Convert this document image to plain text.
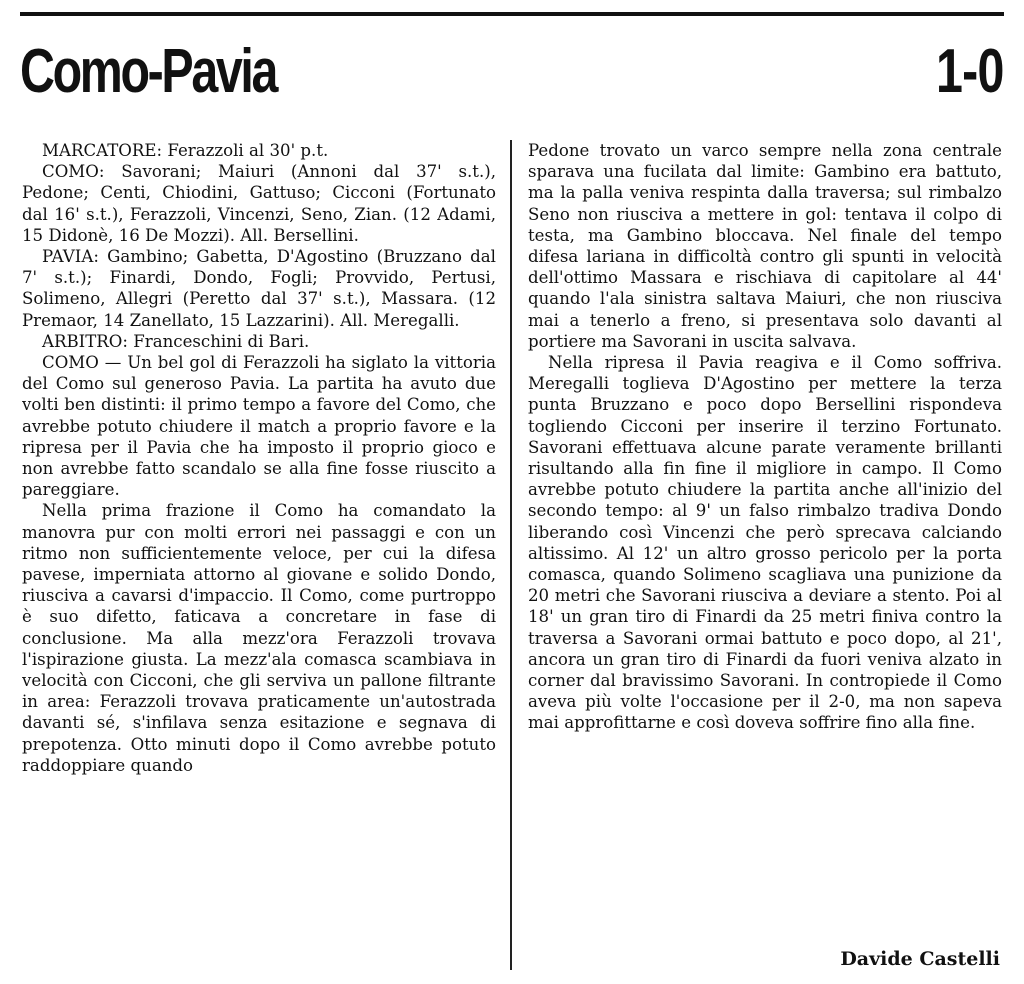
Como-Pavia	1-0

MARCATORE: Ferazzoli al 30' p.t.

COMO: Savorani; Maiuri (Annoni dal 37' s.t.), Pedone; Centi, Chiodini, Gattuso; Cicconi (Fortunato dal 16' s.t.), Ferazzoli, Vincenzi, Seno, Zian. (12 Adami, 15 Didonè, 16 De Mozzi). All. Bersellini.

PAVIA: Gambino; Gabetta, D'Agostino (Bruzzano dal 7' s.t.); Finardi, Dondo, Fogli; Provvido, Pertusi, Solimeno, Allegri (Peretto dal 37' s.t.), Massara. (12 Premaor, 14 Zanellato, 15 Lazzarini). All. Meregalli.

ARBITRO: Franceschini di Bari.

COMO — Un bel gol di Ferazzoli ha siglato la vittoria del Como sul generoso Pavia. La partita ha avuto due volti ben distinti: il primo tempo a favore del Como, che avrebbe potuto chiudere il match a proprio favore e la ripresa per il Pavia che ha imposto il proprio gioco e non avrebbe fatto scandalo se alla fine fosse riuscito a pareggiare.

Nella prima frazione il Como ha comandato la manovra pur con molti errori nei passaggi e con un ritmo non sufficientemente veloce, per cui la difesa pavese, imperniata attorno al giovane e solido Dondo, riusciva a cavarsi d'impaccio. Il Como, come purtroppo è suo difetto, faticava a concretare in fase di conclusione. Ma alla mezz'ora Ferazzoli trovava l'ispirazione giusta. La mezz'ala comasca scambiava in velocità con Cicconi, che gli serviva un pallone filtrante in area: Ferazzoli trovava praticamente un'autostrada davanti sé, s'infilava senza esitazione e segnava di prepotenza. Otto minuti dopo il Como avrebbe potuto raddoppiare quando

Pedone trovato un varco sempre nella zona centrale sparava una fucilata dal limite: Gambino era battuto, ma la palla veniva respinta dalla traversa; sul rimbalzo Seno non riusciva a mettere in gol: tentava il colpo di testa, ma Gambino bloccava. Nel finale del tempo difesa lariana in difficoltà contro gli spunti in velocità dell'ottimo Massara e rischiava di capitolare al 44' quando l'ala sinistra saltava Maiuri, che non riusciva mai a tenerlo a freno, si presentava solo davanti al portiere ma Savorani in uscita salvava.

Nella ripresa il Pavia reagiva e il Como soffriva. Meregalli toglieva D'Agostino per mettere la terza punta Bruzzano e poco dopo Bersellini rispondeva togliendo Cicconi per inserire il terzino Fortunato. Savorani effettuava alcune parate veramente brillanti risultando alla fin fine il migliore in campo. Il Como avrebbe potuto chiudere la partita anche all'inizio del secondo tempo: al 9' un falso rimbalzo tradiva Dondo liberando così Vincenzi che però sprecava calciando altissimo. Al 12' un altro grosso pericolo per la porta comasca, quando Solimeno scagliava una punizione da 20 metri che Savorani riusciva a deviare a stento. Poi al 18' un gran tiro di Finardi da 25 metri finiva contro la traversa a Savorani ormai battuto e poco dopo, al 21', ancora un gran tiro di Finardi da fuori veniva alzato in corner dal bravissimo Savorani. In contropiede il Como aveva più volte l'occasione per il 2-0, ma non sapeva mai approfittarne e così doveva soffrire fino alla fine.

Davide Castelli
